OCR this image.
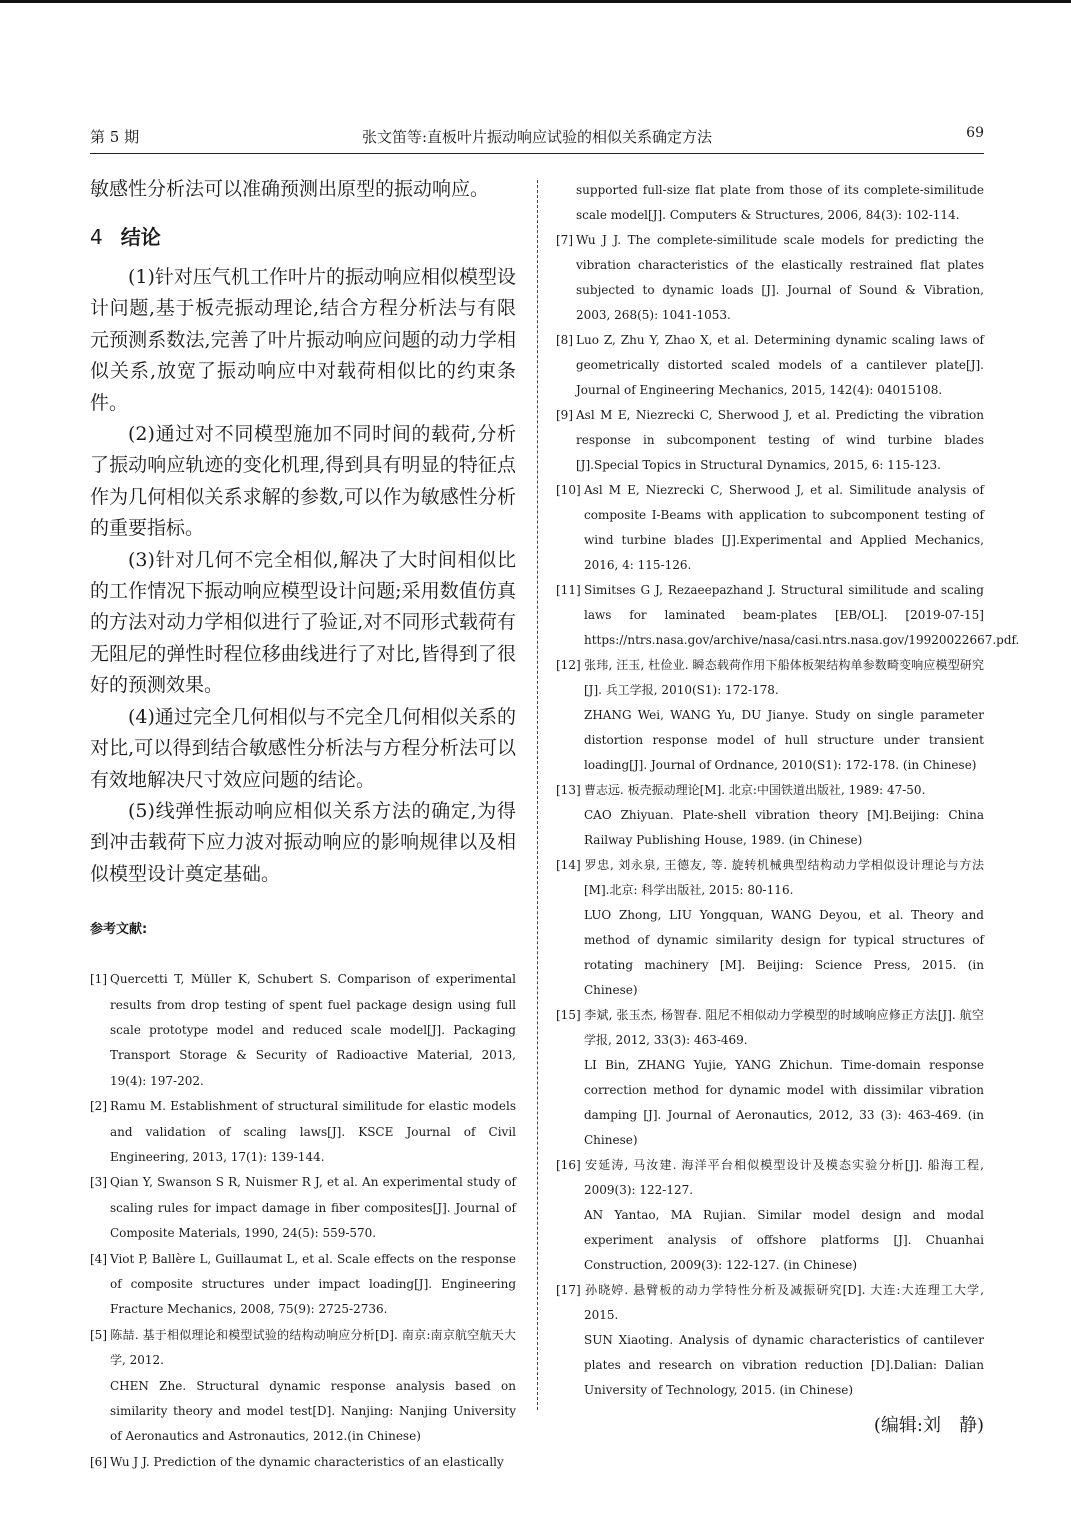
第 5 期	张文笛等:直板叶片振动响应试验的相似关系确定方法	69
敏感性分析法可以准确预测出原型的振动响应。
4 结论

(1)针对压气机工作叶片的振动响应相似模型设计问题,基于板壳振动理论,结合方程分析法与有限元预测系数法,完善了叶片振动响应问题的动力学相似关系,放宽了振动响应中对载荷相似比的约束条件。

(2)通过对不同模型施加不同时间的载荷,分析了振动响应轨迹的变化机理,得到具有明显的特征点作为几何相似关系求解的参数,可以作为敏感性分析的重要指标。

(3)针对几何不完全相似,解决了大时间相似比的工作情况下振动响应模型设计问题;采用数值仿真的方法对动力学相似进行了验证,对不同形式载荷有无阻尼的弹性时程位移曲线进行了对比,皆得到了很好的预测效果。

(4)通过完全几何相似与不完全几何相似关系的对比,可以得到结合敏感性分析法与方程分析法可以有效地解决尺寸效应问题的结论。

(5)线弹性振动响应相似关系方法的确定,为得到冲击载荷下应力波对振动响应的影响规律以及相似模型设计奠定基础。

参考文献:

[1] Quercetti T, Müller K, Schubert S. Comparison of experimental results from drop testing of spent fuel package design using full scale prototype model and reduced scale model[J]. Packaging Transport Storage & Security of Radioactive Material, 2013, 19(4): 197-202.

[2] Ramu M. Establishment of structural similitude for elastic models and validation of scaling laws[J]. KSCE Journal of Civil Engineering, 2013, 17(1): 139-144.

[3] Qian Y, Swanson S R, Nuismer R J, et al. An experimental study of scaling rules for impact damage in fiber composites[J]. Journal of Composite Materials, 1990, 24(5): 559-570.

[4] Viot P, Ballère L, Guillaumat L, et al. Scale effects on the response of composite structures under impact loading[J]. Engineering Fracture Mechanics, 2008, 75(9): 2725-2736.

[5] 陈喆. 基于相似理论和模型试验的结构动响应分析[D]. 南京:南京航空航天大学, 2012.
CHEN Zhe. Structural dynamic response analysis based on similarity theory and model test[D]. Nanjing: Nanjing University of Aeronautics and Astronautics, 2012.(in Chinese)

[6] Wu J J. Prediction of the dynamic characteristics of an elastically

supported full-size flat plate from those of its complete-similitude scale model[J]. Computers & Structures, 2006, 84(3): 102-114.

[7] Wu J J. The complete-similitude scale models for predicting the vibration characteristics of the elastically restrained flat plates subjected to dynamic loads [J]. Journal of Sound & Vibration, 2003, 268(5): 1041-1053.

[8] Luo Z, Zhu Y, Zhao X, et al. Determining dynamic scaling laws of geometrically distorted scaled models of a cantilever plate[J]. Journal of Engineering Mechanics, 2015, 142(4): 04015108.

[9] Asl M E, Niezrecki C, Sherwood J, et al. Predicting the vibration response in subcomponent testing of wind turbine blades [J].Special Topics in Structural Dynamics, 2015, 6: 115-123.

[10] Asl M E, Niezrecki C, Sherwood J, et al. Similitude analysis of composite I-Beams with application to subcomponent testing of wind turbine blades [J].Experimental and Applied Mechanics, 2016, 4: 115-126.

[11] Simitses G J, Rezaeepazhand J. Structural similitude and scaling laws for laminated beam-plates [EB/OL]. [2019-07-15] https://ntrs.nasa.gov/archive/nasa/casi.ntrs.nasa.gov/19920022667.pdf.

[12] 张玮, 汪玉, 杜俭业. 瞬态载荷作用下船体板架结构单参数畸变响应模型研究[J]. 兵工学报, 2010(S1): 172-178.
ZHANG Wei, WANG Yu, DU Jianye. Study on single parameter distortion response model of hull structure under transient loading[J]. Journal of Ordnance, 2010(S1): 172-178. (in Chinese)

[13] 曹志远. 板壳振动理论[M]. 北京:中国铁道出版社, 1989: 47-50.
CAO Zhiyuan. Plate-shell vibration theory [M].Beijing: China Railway Publishing House, 1989. (in Chinese)

[14] 罗忠, 刘永泉, 王德友, 等. 旋转机械典型结构动力学相似设计理论与方法 [M].北京: 科学出版社, 2015: 80-116.
LUO Zhong, LIU Yongquan, WANG Deyou, et al. Theory and method of dynamic similarity design for typical structures of rotating machinery [M]. Beijing: Science Press, 2015. (in Chinese)

[15] 李斌, 张玉杰, 杨智春. 阻尼不相似动力学模型的时域响应修正方法[J]. 航空学报, 2012, 33(3): 463-469.
LI Bin, ZHANG Yujie, YANG Zhichun. Time-domain response correction method for dynamic model with dissimilar vibration damping [J]. Journal of Aeronautics, 2012, 33 (3): 463-469. (in Chinese)

[16] 安延涛, 马汝建. 海洋平台相似模型设计及模态实验分析[J]. 船海工程, 2009(3): 122-127.
AN Yantao, MA Rujian. Similar model design and modal experiment analysis of offshore platforms [J]. Chuanhai Construction, 2009(3): 122-127. (in Chinese)

[17] 孙晓婷. 悬臂板的动力学特性分析及减振研究[D]. 大连:大连理工大学, 2015.
SUN Xiaoting. Analysis of dynamic characteristics of cantilever plates and research on vibration reduction [D].Dalian: Dalian University of Technology, 2015. (in Chinese)

(编辑:刘　静)
